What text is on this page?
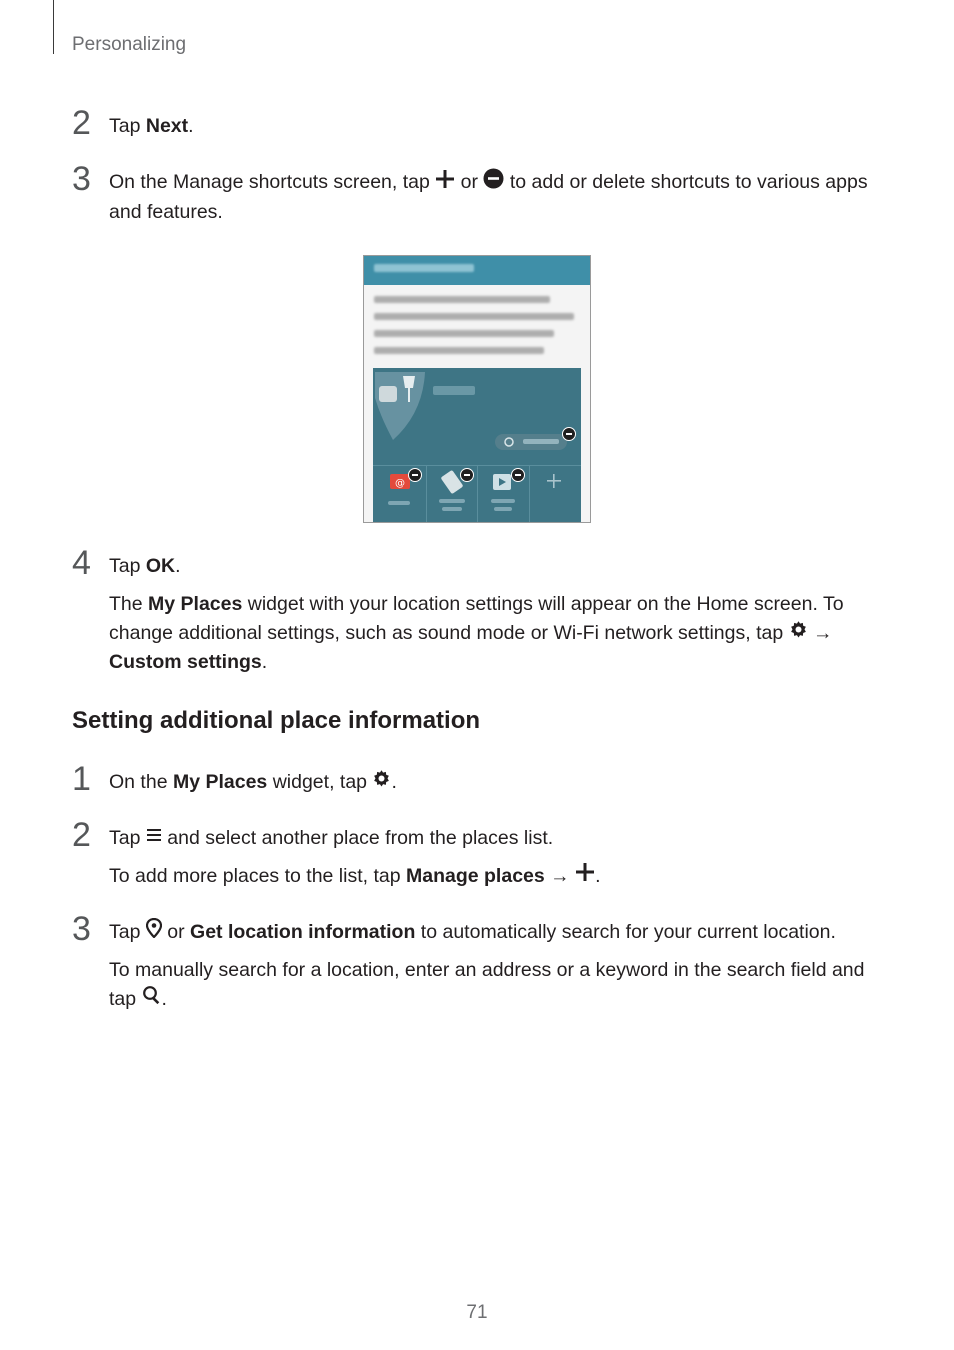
Personalizing
2 Tap Next.
3 On the Manage shortcuts screen, tap  or  to add or delete shortcuts to various apps and features.
@
4 Tap OK.
The My Places widget with your location settings will appear on the Home screen. To change additional settings, such as sound mode or Wi-Fi network settings, tap  → Custom settings.
Setting additional place information
1 On the My Places widget, tap .
2 Tap  and select another place from the places list.
To add more places to the list, tap Manage places → .
3 Tap  or Get location information to automatically search for your current location.
To manually search for a location, enter an address or a keyword in the search field and tap .
71
